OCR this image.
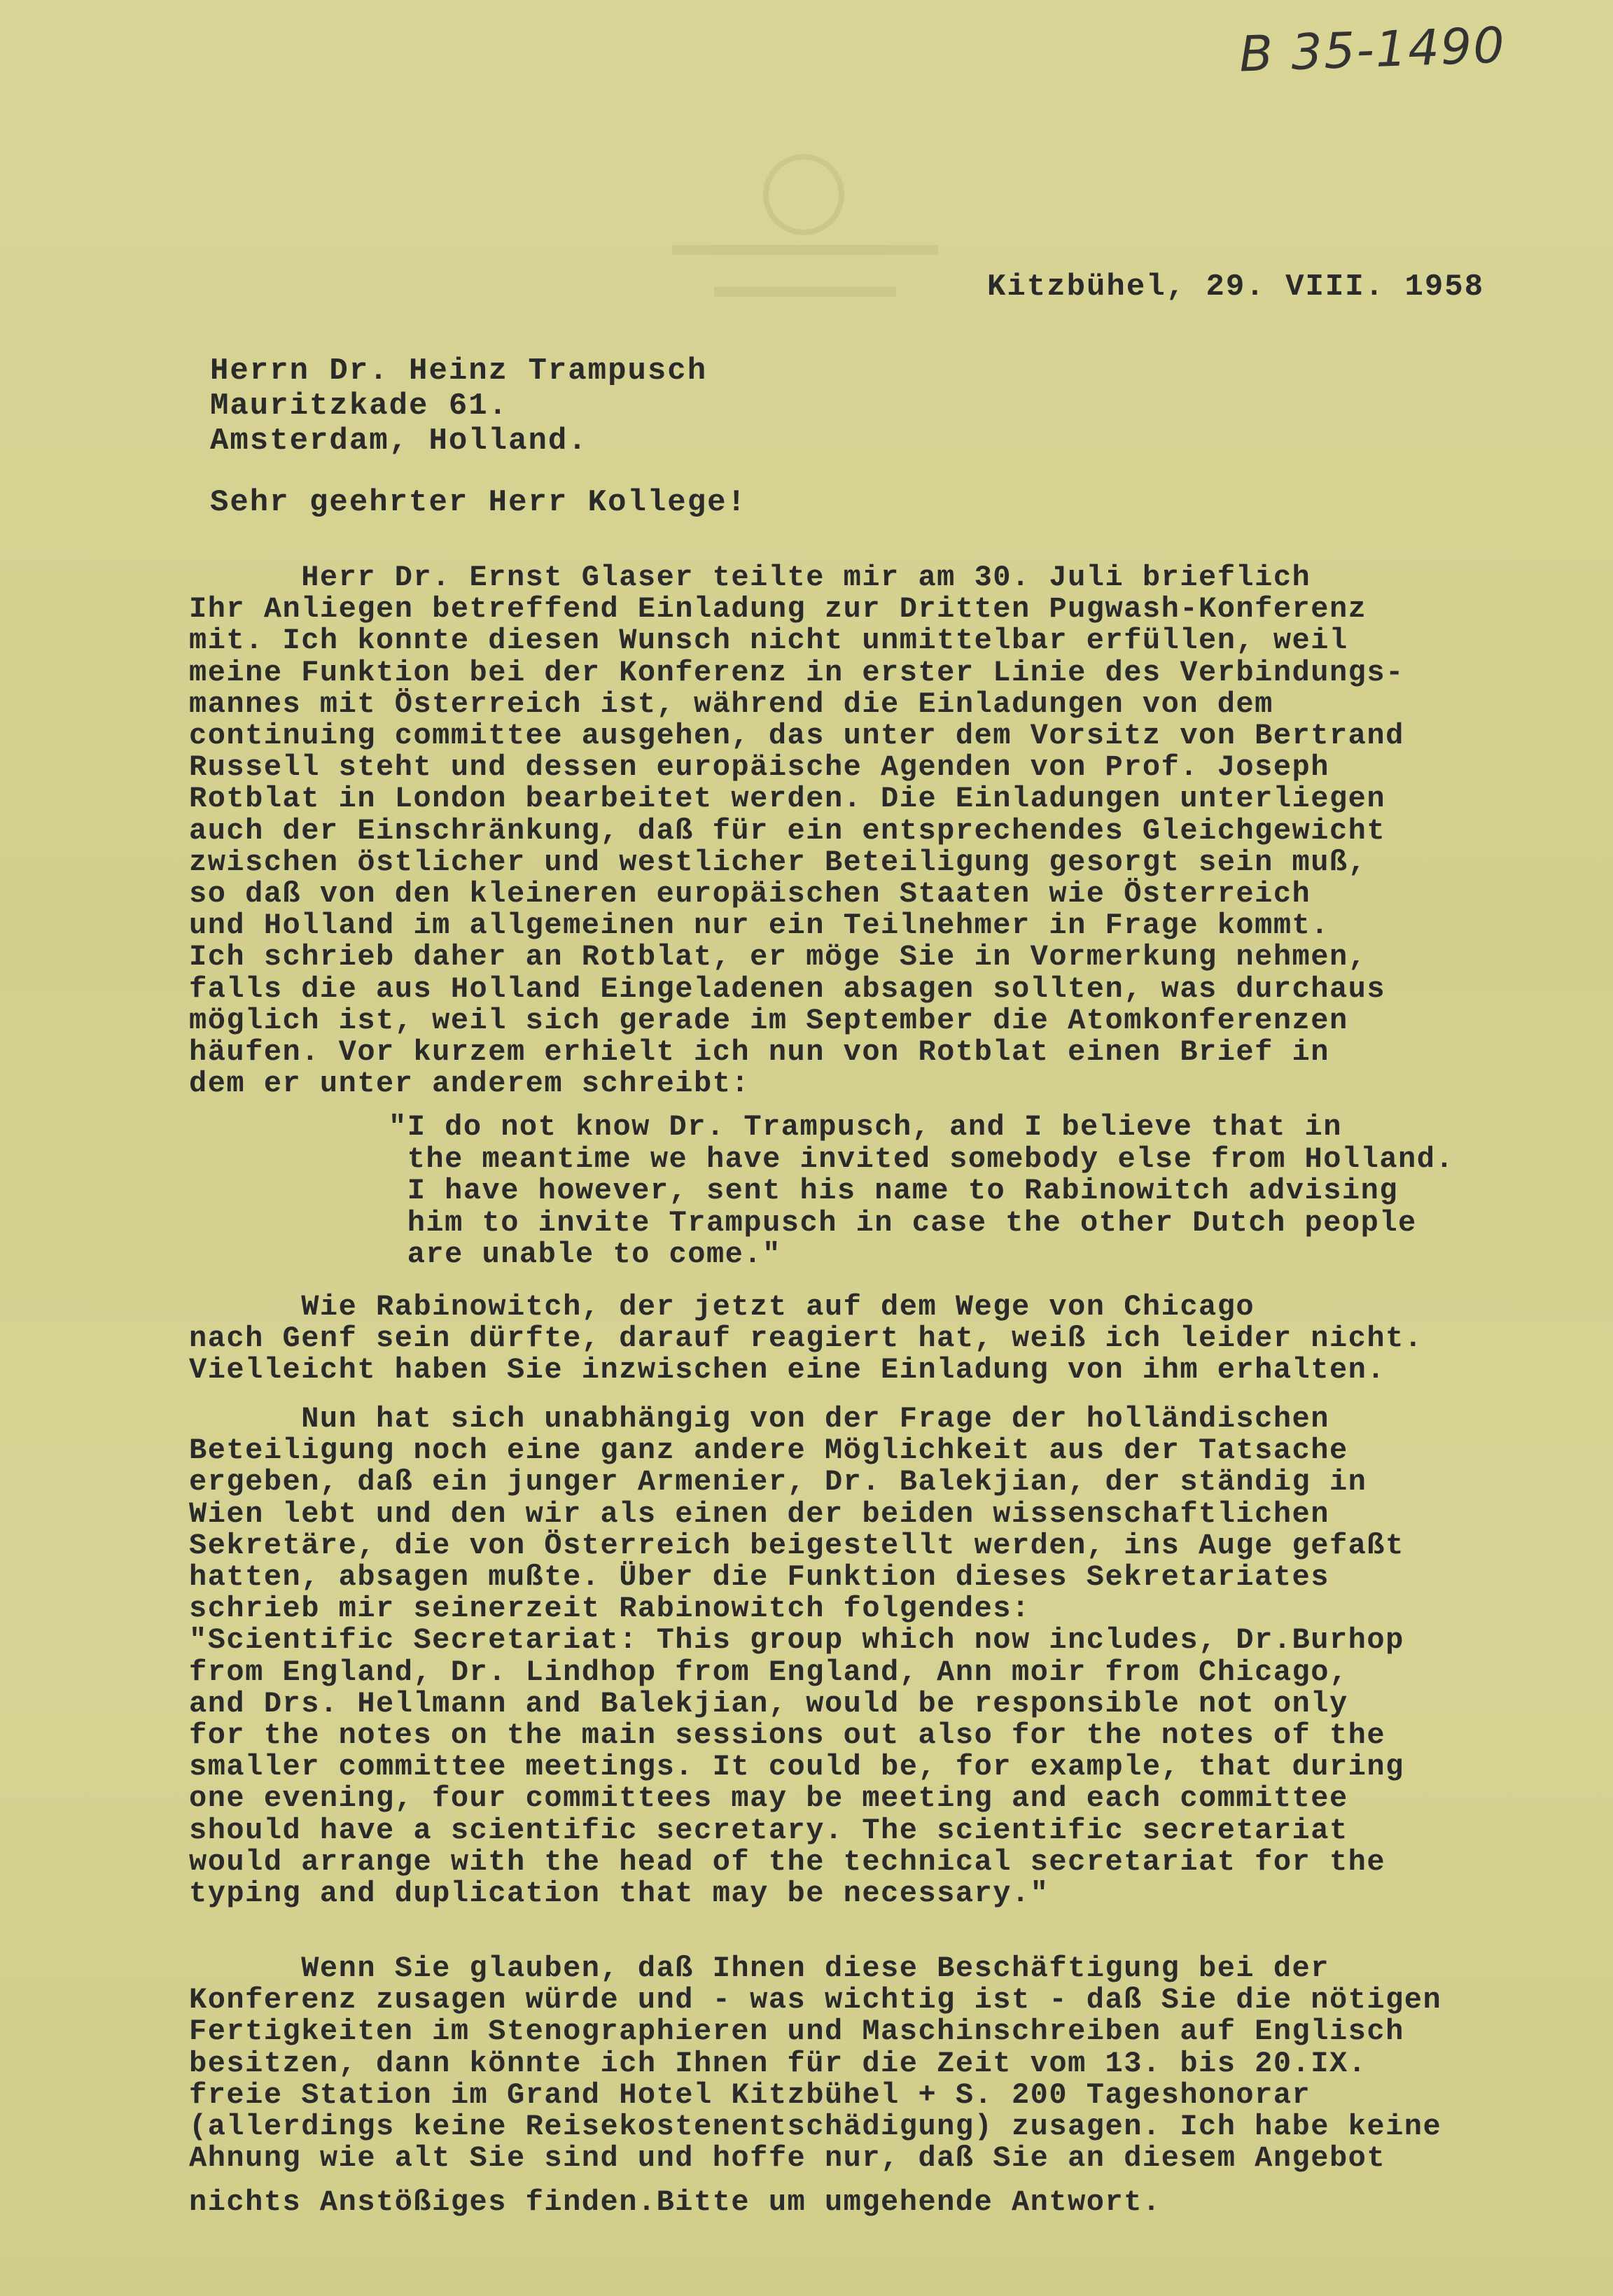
B 35-1490
Kitzbühel, 29. VIII. 1958
Herrn Dr. Heinz Trampusch
Mauritzkade 61.
Amsterdam, Holland.
Sehr geehrter Herr Kollege!
Herr Dr. Ernst Glaser teilte mir am 30. Juli brieflich
Ihr Anliegen betreffend Einladung zur Dritten Pugwash-Konferenz
mit. Ich konnte diesen Wunsch nicht unmittelbar erfüllen, weil
meine Funktion bei der Konferenz in erster Linie des Verbindungs-
mannes mit Österreich ist, während die Einladungen von dem
continuing committee ausgehen, das unter dem Vorsitz von Bertrand
Russell steht und dessen europäische Agenden von Prof. Joseph
Rotblat in London bearbeitet werden. Die Einladungen unterliegen
auch der Einschränkung, daß für ein entsprechendes Gleichgewicht
zwischen östlicher und westlicher Beteiligung gesorgt sein muß,
so daß von den kleineren europäischen Staaten wie Österreich
und Holland im allgemeinen nur ein Teilnehmer in Frage kommt.
Ich schrieb daher an Rotblat, er möge Sie in Vormerkung nehmen,
falls die aus Holland Eingeladenen absagen sollten, was durchaus
möglich ist, weil sich gerade im September die Atomkonferenzen
häufen. Vor kurzem erhielt ich nun von Rotblat einen Brief in
dem er unter anderem schreibt:
"I do not know Dr. Trampusch, and I believe that in
the meantime we have invited somebody else from Holland.
I have however, sent his name to Rabinowitch advising
him to invite Trampusch in case the other Dutch people
are unable to come."
Wie Rabinowitch, der jetzt auf dem Wege von Chicago
nach Genf sein dürfte, darauf reagiert hat, weiß ich leider nicht.
Vielleicht haben Sie inzwischen eine Einladung von ihm erhalten.
Nun hat sich unabhängig von der Frage der holländischen
Beteiligung noch eine ganz andere Möglichkeit aus der Tatsache
ergeben, daß ein junger Armenier, Dr. Balekjian, der ständig in
Wien lebt und den wir als einen der beiden wissenschaftlichen
Sekretäre, die von Österreich beigestellt werden, ins Auge gefaßt
hatten, absagen mußte. Über die Funktion dieses Sekretariates
schrieb mir seinerzeit Rabinowitch folgendes:
"Scientific Secretariat: This group which now includes, Dr.Burhop
from England, Dr. Lindhop from England, Ann moir from Chicago,
and Drs. Hellmann and Balekjian, would be responsible not only
for the notes on the main sessions out also for the notes of the
smaller committee meetings. It could be, for example, that during
one evening, four committees may be meeting and each committee
should have a scientific secretary. The scientific secretariat
would arrange with the head of the technical secretariat for the
typing and duplication that may be necessary."
Wenn Sie glauben, daß Ihnen diese Beschäftigung bei der
Konferenz zusagen würde und - was wichtig ist - daß Sie die nötigen
Fertigkeiten im Stenographieren und Maschinschreiben auf Englisch
besitzen, dann könnte ich Ihnen für die Zeit vom 13. bis 20.IX.
freie Station im Grand Hotel Kitzbühel + S. 200 Tageshonorar
(allerdings keine Reisekostenentschädigung) zusagen. Ich habe keine
Ahnung wie alt Sie sind und hoffe nur, daß Sie an diesem Angebot
nichts Anstößiges finden.Bitte um umgehende Antwort.
